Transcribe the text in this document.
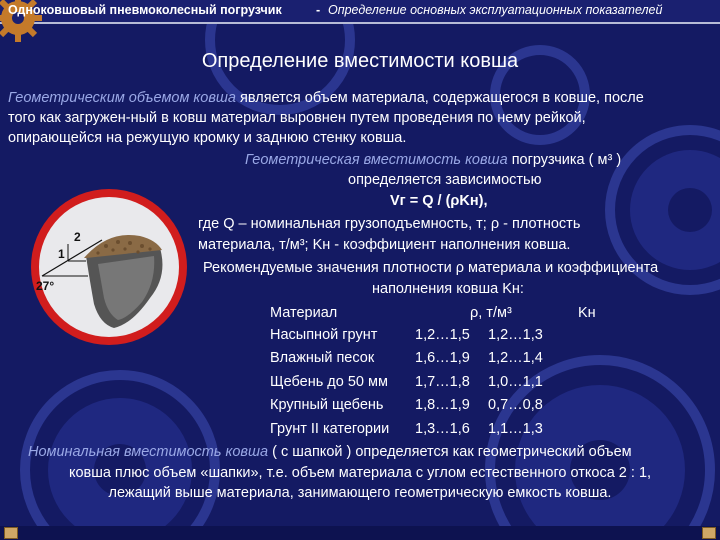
Одноковшовый пневмоколесный погрузчик	- Определение основных эксплуатационных показателей
Определение вместимости ковша
Геометрическим объемом ковша является объем материала, содержащегося в ковше, после
того как загружен-ный в ковш материал выровнен путем проведения по нему рейкой,
опирающейся на режущую кромку и заднюю стенку ковша.
Геометрическая вместимость ковша погрузчика ( м³ )
определяется зависимостью
Vг = Q / (ρKн),
2
1
27°
где Q – номинальная грузоподъемность, т; ρ - плотность
материала, т/м³; Kн - коэффициент наполнения ковша.
Рекомендуемые значения плотности ρ материала и коэффициента
наполнения ковша Kн:
Материал	ρ, т/м³	Kн
Насыпной грунт	1,2…1,5 1,2…1,3
Влажный песок	1,6…1,9 1,2…1,4
Щебень до 50 мм 1,7…1,8 1,0…1,1
Крупный щебень 1,8…1,9 0,7…0,8
Грунт II категории 1,3…1,6 1,1…1,3
Номинальная вместимость ковша ( с шапкой ) определяется как геометрический объем
ковша плюс объем «шапки», т.е. объем материала с углом естественного откоса 2 : 1,
лежащий выше материала, занимающего геометрическую емкость ковша.
